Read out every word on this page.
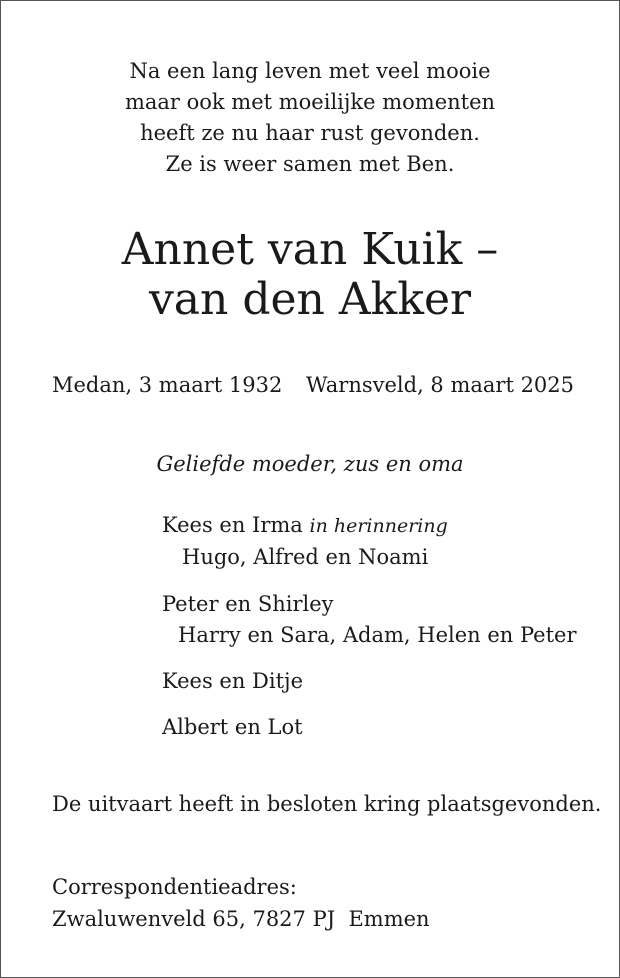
Na een lang leven met veel mooie
maar ook met moeilijke momenten
heeft ze nu haar rust gevonden.
Ze is weer samen met Ben.
Annet van Kuik –
van den Akker
Medan, 3 maart 1932 Warnsveld, 8 maart 2025
Geliefde moeder, zus en oma
Kees en Irma in herinnering
Hugo, Alfred en Noami
Peter en Shirley
Harry en Sara, Adam, Helen en Peter
Kees en Ditje
Albert en Lot
De uitvaart heeft in besloten kring plaatsgevonden.
Correspondentieadres:
Zwaluwenveld 65, 7827 PJ  Emmen
